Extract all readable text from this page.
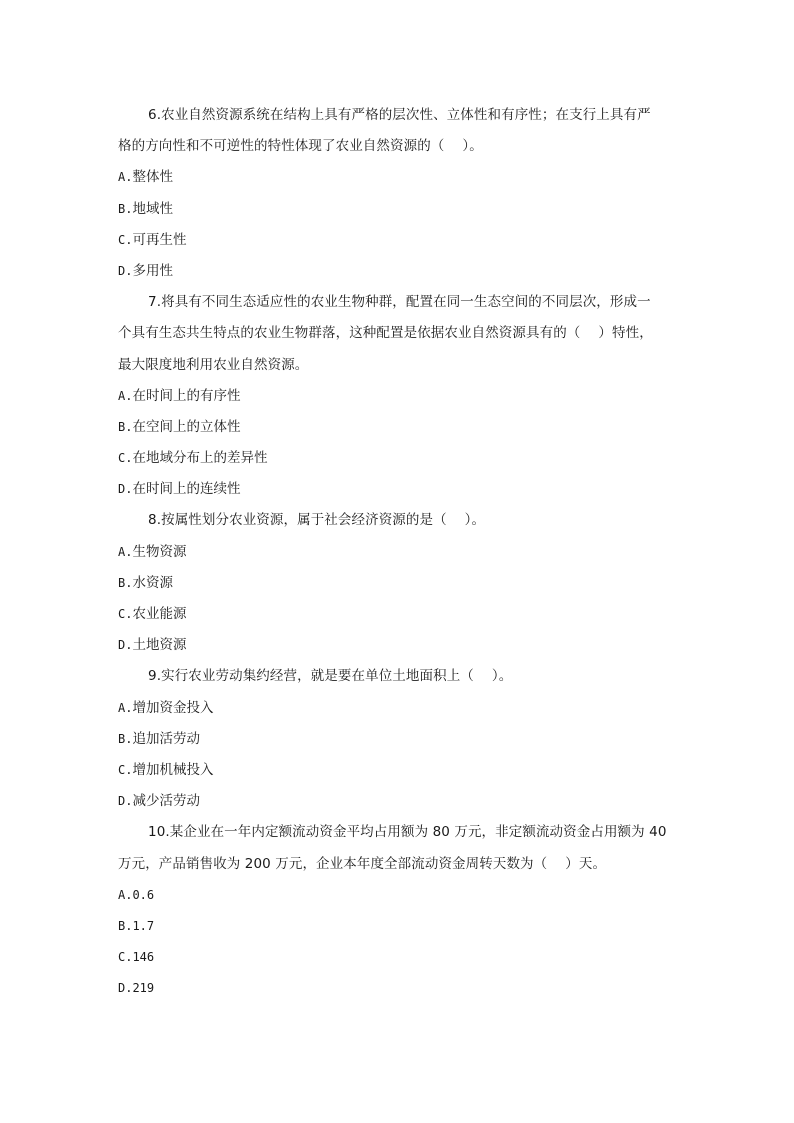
6.农业自然资源系统在结构上具有严格的层次性、立体性和有序性；在支行上具有严
格的方向性和不可逆性的特性体现了农业自然资源的（　 ）。
A.整体性
B.地域性
C.可再生性
D.多用性
7.将具有不同生态适应性的农业生物种群，配置在同一生态空间的不同层次，形成一
个具有生态共生特点的农业生物群落，这种配置是依据农业自然资源具有的（　 ）特性，
最大限度地利用农业自然资源。
A.在时间上的有序性
B.在空间上的立体性
C.在地域分布上的差异性
D.在时间上的连续性
8.按属性划分农业资源，属于社会经济资源的是（　 ）。
A.生物资源
B.水资源
C.农业能源
D.土地资源
9.实行农业劳动集约经营，就是要在单位土地面积上（　 ）。
A.增加资金投入
B.追加活劳动
C.增加机械投入
D.减少活劳动
10.某企业在一年内定额流动资金平均占用额为 80 万元，非定额流动资金占用额为 40
万元，产品销售收为 200 万元，企业本年度全部流动资金周转天数为（　 ）天。
A.0.6
B.1.7
C.146
D.219
